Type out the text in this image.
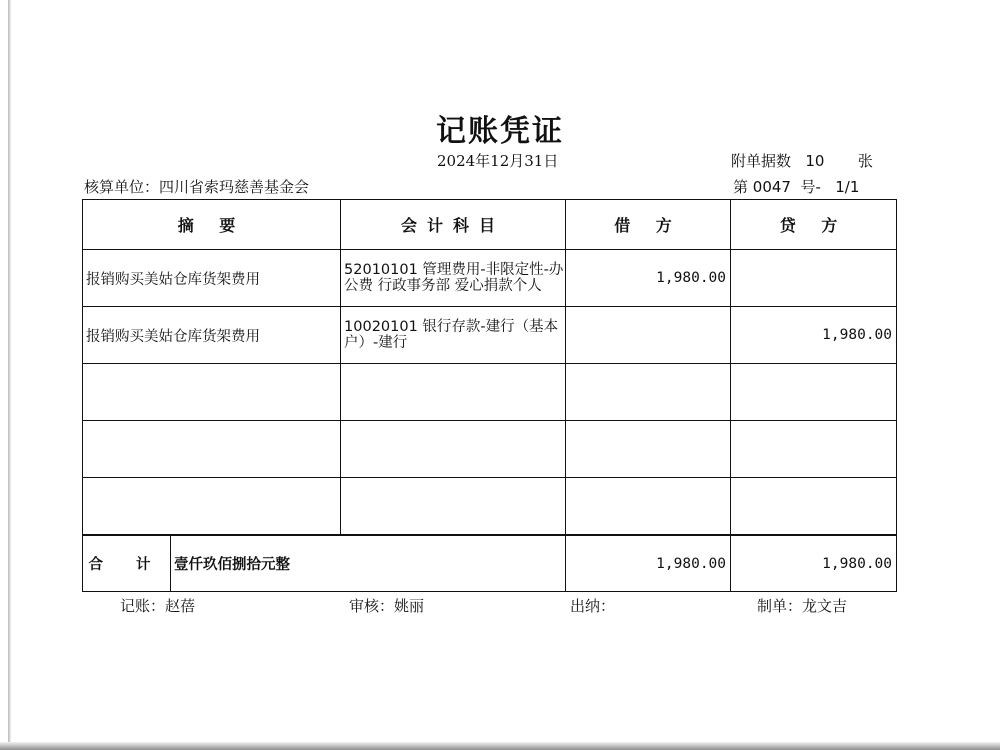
记账凭证
2024年12月31日	附单据数 10 张
核算单位：四川省索玛慈善基金会	第 0047 号- 1/1
摘 要		会计科目	借 方	贷 方
报销购买美姑仓库货架费用		52010101 管理费用-非限定性-办公费 行政事务部 爱心捐款个人	1,980.00	
报销购买美姑仓库货架费用		10020101 银行存款-建行（基本户）-建行		1,980.00

合 计	壹仟玖佰捌拾元整		1,980.00	1,980.00
记账：赵蓓	审核：姚丽	出纳：	制单：龙文吉
